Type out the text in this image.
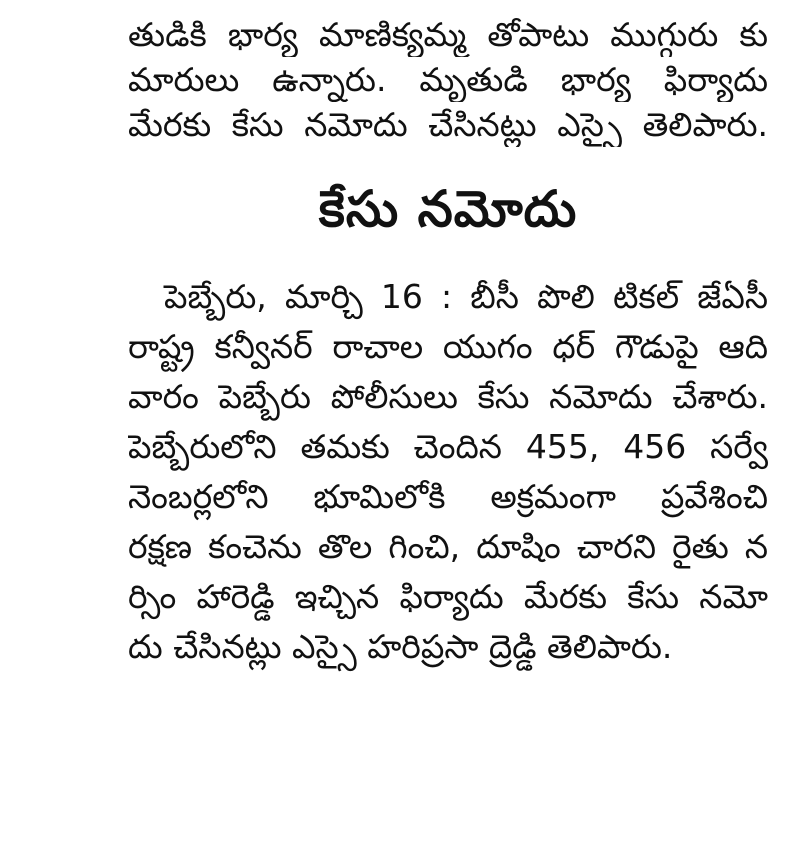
తుడికి భార్య మాణిక్యమ్మ తోపాటు ముగ్గురు కు
మారులు ఉన్నారు. మృతుడి భార్య ఫిర్యాదు
మేరకు కేసు నమోదు చేసినట్లు ఎస్సై తెలిపారు.
కేసు నమోదు
పెబ్బేరు, మార్చి 16 : బీసీ పొలి టికల్ జేఏసీ
రాష్ట్ర కన్వీనర్ రాచాల యుగం ధర్ గౌడుపై ఆది
వారం పెబ్బేరు పోలీసులు కేసు నమోదు చేశారు.
పెబ్బేరులోని తమకు చెందిన 455, 456 సర్వే
నెంబర్లలోని భూమిలోకి అక్రమంగా ప్రవేశించి
రక్షణ కంచెను తొల గించి, దూషిం చారని రైతు న
ర్సిం హారెడ్డి ఇచ్చిన ఫిర్యాదు మేరకు కేసు నమో
దు చేసినట్లు ఎస్సై హరిప్రసా ద్రెడ్డి తెలిపారు.
